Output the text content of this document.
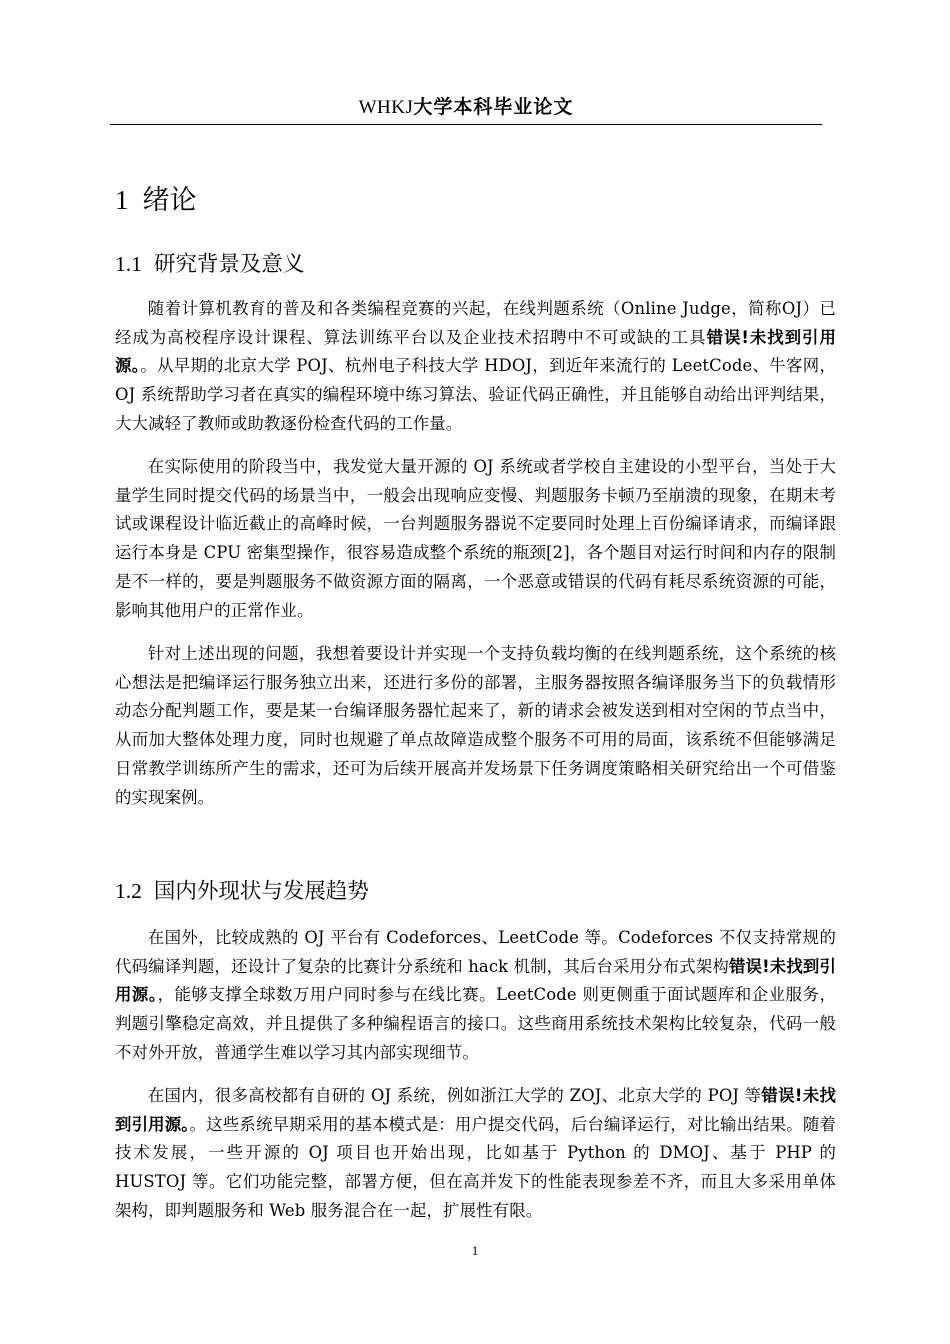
WHKJ大学本科毕业论文
1 绪论
1.1 研究背景及意义

随着计算机教育的普及和各类编程竞赛的兴起，在线判题系统（Online Judge，简称OJ）已经成为高校程序设计课程、算法训练平台以及企业技术招聘中不可或缺的工具错误!未找到引用源。。从早期的北京大学 POJ、杭州电子科技大学 HDOJ，到近年来流行的 LeetCode、牛客网，OJ 系统帮助学习者在真实的编程环境中练习算法、验证代码正确性，并且能够自动给出评判结果，大大减轻了教师或助教逐份检查代码的工作量。

在实际使用的阶段当中，我发觉大量开源的 OJ 系统或者学校自主建设的小型平台，当处于大量学生同时提交代码的场景当中，一般会出现响应变慢、判题服务卡顿乃至崩溃的现象，在期末考试或课程设计临近截止的高峰时候，一台判题服务器说不定要同时处理上百份编译请求，而编译跟运行本身是 CPU 密集型操作，很容易造成整个系统的瓶颈[2]，各个题目对运行时间和内存的限制是不一样的，要是判题服务不做资源方面的隔离，一个恶意或错误的代码有耗尽系统资源的可能，影响其他用户的正常作业。

针对上述出现的问题，我想着要设计并实现一个支持负载均衡的在线判题系统，这个系统的核心想法是把编译运行服务独立出来，还进行多份的部署，主服务器按照各编译服务当下的负载情形动态分配判题工作，要是某一台编译服务器忙起来了，新的请求会被发送到相对空闲的节点当中，从而加大整体处理力度，同时也规避了单点故障造成整个服务不可用的局面，该系统不但能够满足日常教学训练所产生的需求，还可为后续开展高并发场景下任务调度策略相关研究给出一个可借鉴的实现案例。

1.2 国内外现状与发展趋势

在国外，比较成熟的 OJ 平台有 Codeforces、LeetCode 等。Codeforces 不仅支持常规的代码编译判题，还设计了复杂的比赛计分系统和 hack 机制，其后台采用分布式架构错误!未找到引用源。，能够支撑全球数万用户同时参与在线比赛。LeetCode 则更侧重于面试题库和企业服务，判题引擎稳定高效，并且提供了多种编程语言的接口。这些商用系统技术架构比较复杂，代码一般不对外开放，普通学生难以学习其内部实现细节。

在国内，很多高校都有自研的 OJ 系统，例如浙江大学的 ZOJ、北京大学的 POJ 等错误!未找到引用源。。这些系统早期采用的基本模式是：用户提交代码，后台编译运行，对比输出结果。随着技术发展，一些开源的 OJ 项目也开始出现，比如基于 Python 的 DMOJ、基于 PHP 的 HUSTOJ 等。它们功能完整，部署方便，但在高并发下的性能表现参差不齐，而且大多采用单体架构，即判题服务和 Web 服务混合在一起，扩展性有限。

1
